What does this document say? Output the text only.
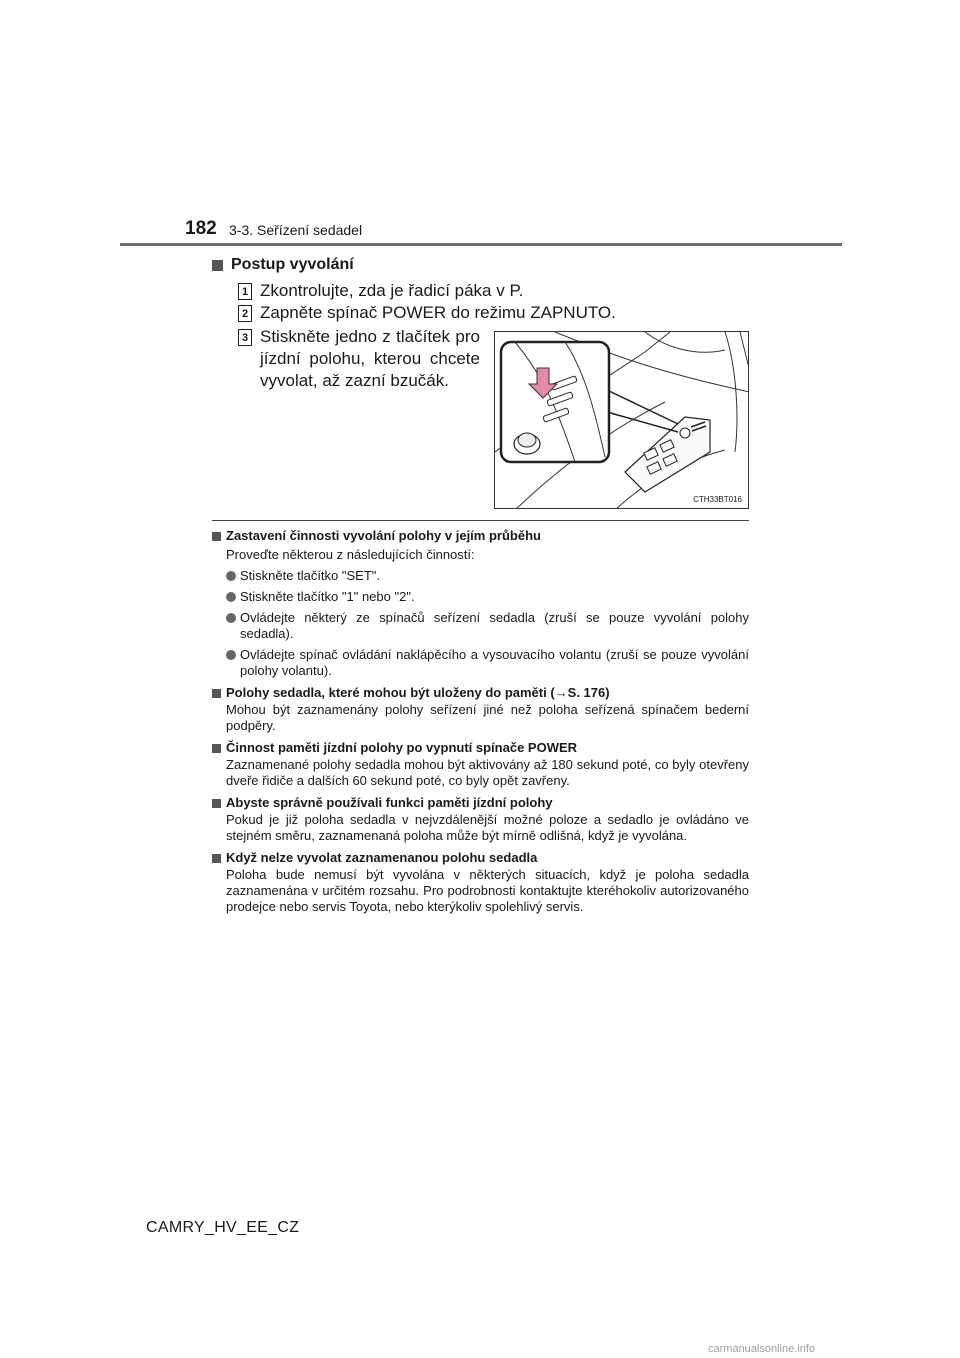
182 3-3. Seřízení sedadel
Postup vyvolání
1 Zkontrolujte, zda je řadicí páka v P.
2 Zapněte spínač POWER do režimu ZAPNUTO.
3 Stiskněte jedno z tlačítek pro jízdní polohu, kterou chcete vyvolat, až zazní bzučák.
CTH33BT016
Zastavení činnosti vyvolání polohy v jejím průběhu
Proveďte některou z následujících činností:
Stiskněte tlačítko "SET".
Stiskněte tlačítko "1" nebo "2".
Ovládejte některý ze spínačů seřízení sedadla (zruší se pouze vyvolání polohy sedadla).
Ovládejte spínač ovládání naklápěcího a vysouvacího volantu (zruší se pouze vyvolání polohy volantu).
Polohy sedadla, které mohou být uloženy do paměti (→S. 176)
Mohou být zaznamenány polohy seřízení jiné než poloha seřízená spínačem bederní podpěry.
Činnost paměti jízdní polohy po vypnutí spínače POWER
Zaznamenané polohy sedadla mohou být aktivovány až 180 sekund poté, co byly otevřeny dveře řidiče a dalších 60 sekund poté, co byly opět zavřeny.
Abyste správně používali funkci paměti jízdní polohy
Pokud je již poloha sedadla v nejvzdálenější možné poloze a sedadlo je ovládáno ve stejném směru, zaznamenaná poloha může být mírně odlišná, když je vyvolána.
Když nelze vyvolat zaznamenanou polohu sedadla
Poloha bude nemusí být vyvolána v některých situacích, když je poloha sedadla zaznamenána v určitém rozsahu. Pro podrobnosti kontaktujte kteréhokoliv autorizovaného prodejce nebo servis Toyota, nebo kterýkoliv spolehlivý servis.
CAMRY_HV_EE_CZ
carmanualsonline.info
